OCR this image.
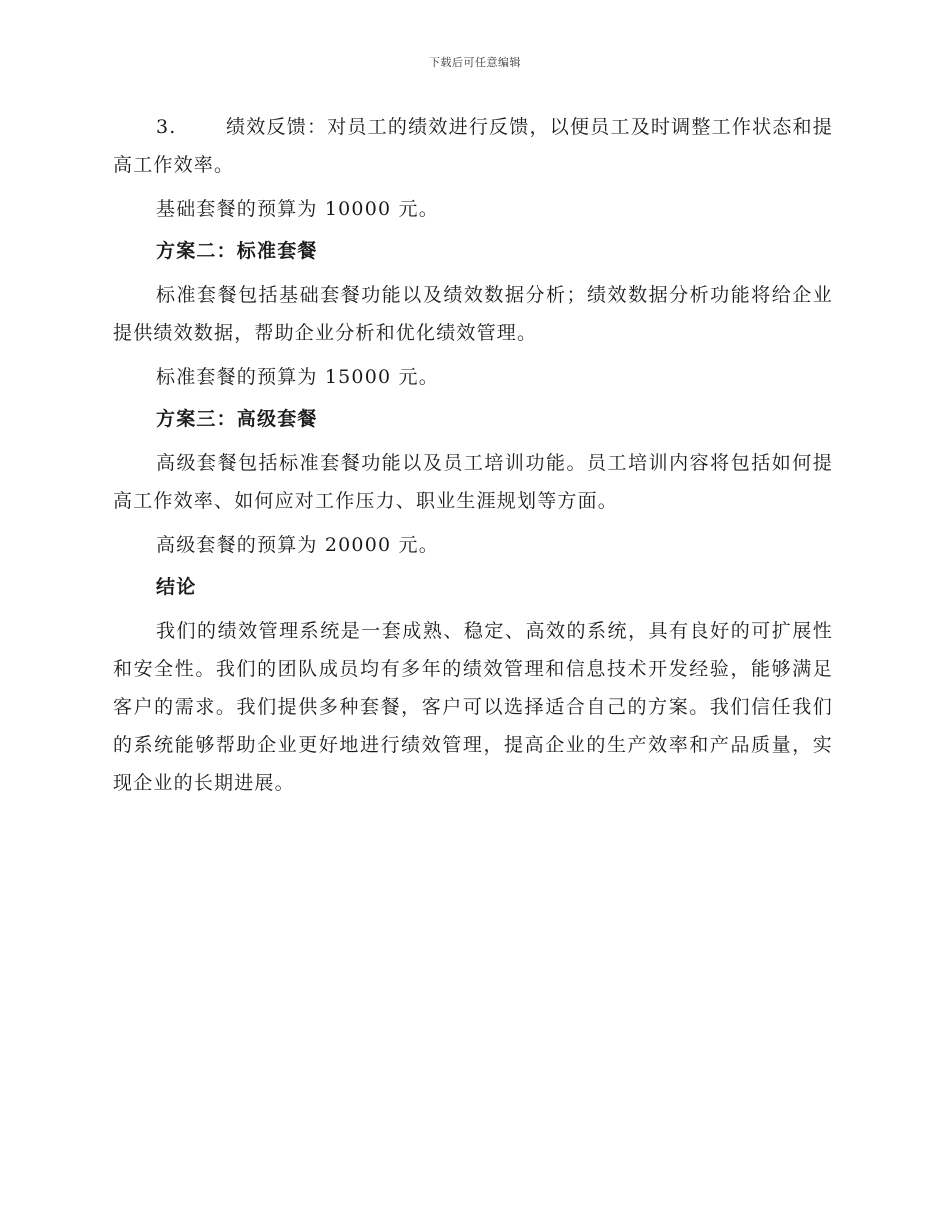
下载后可任意编辑

3.	绩效反馈：对员工的绩效进行反馈，以便员工及时调整工作状态和提高工作效率。

基础套餐的预算为 10000 元。

方案二：标准套餐

标准套餐包括基础套餐功能以及绩效数据分析；绩效数据分析功能将给企业提供绩效数据，帮助企业分析和优化绩效管理。

标准套餐的预算为 15000 元。

方案三：高级套餐

高级套餐包括标准套餐功能以及员工培训功能。员工培训内容将包括如何提高工作效率、如何应对工作压力、职业生涯规划等方面。

高级套餐的预算为 20000 元。

结论

我们的绩效管理系统是一套成熟、稳定、高效的系统，具有良好的可扩展性和安全性。我们的团队成员均有多年的绩效管理和信息技术开发经验，能够满足客户的需求。我们提供多种套餐，客户可以选择适合自己的方案。我们信任我们的系统能够帮助企业更好地进行绩效管理，提高企业的生产效率和产品质量，实现企业的长期进展。
